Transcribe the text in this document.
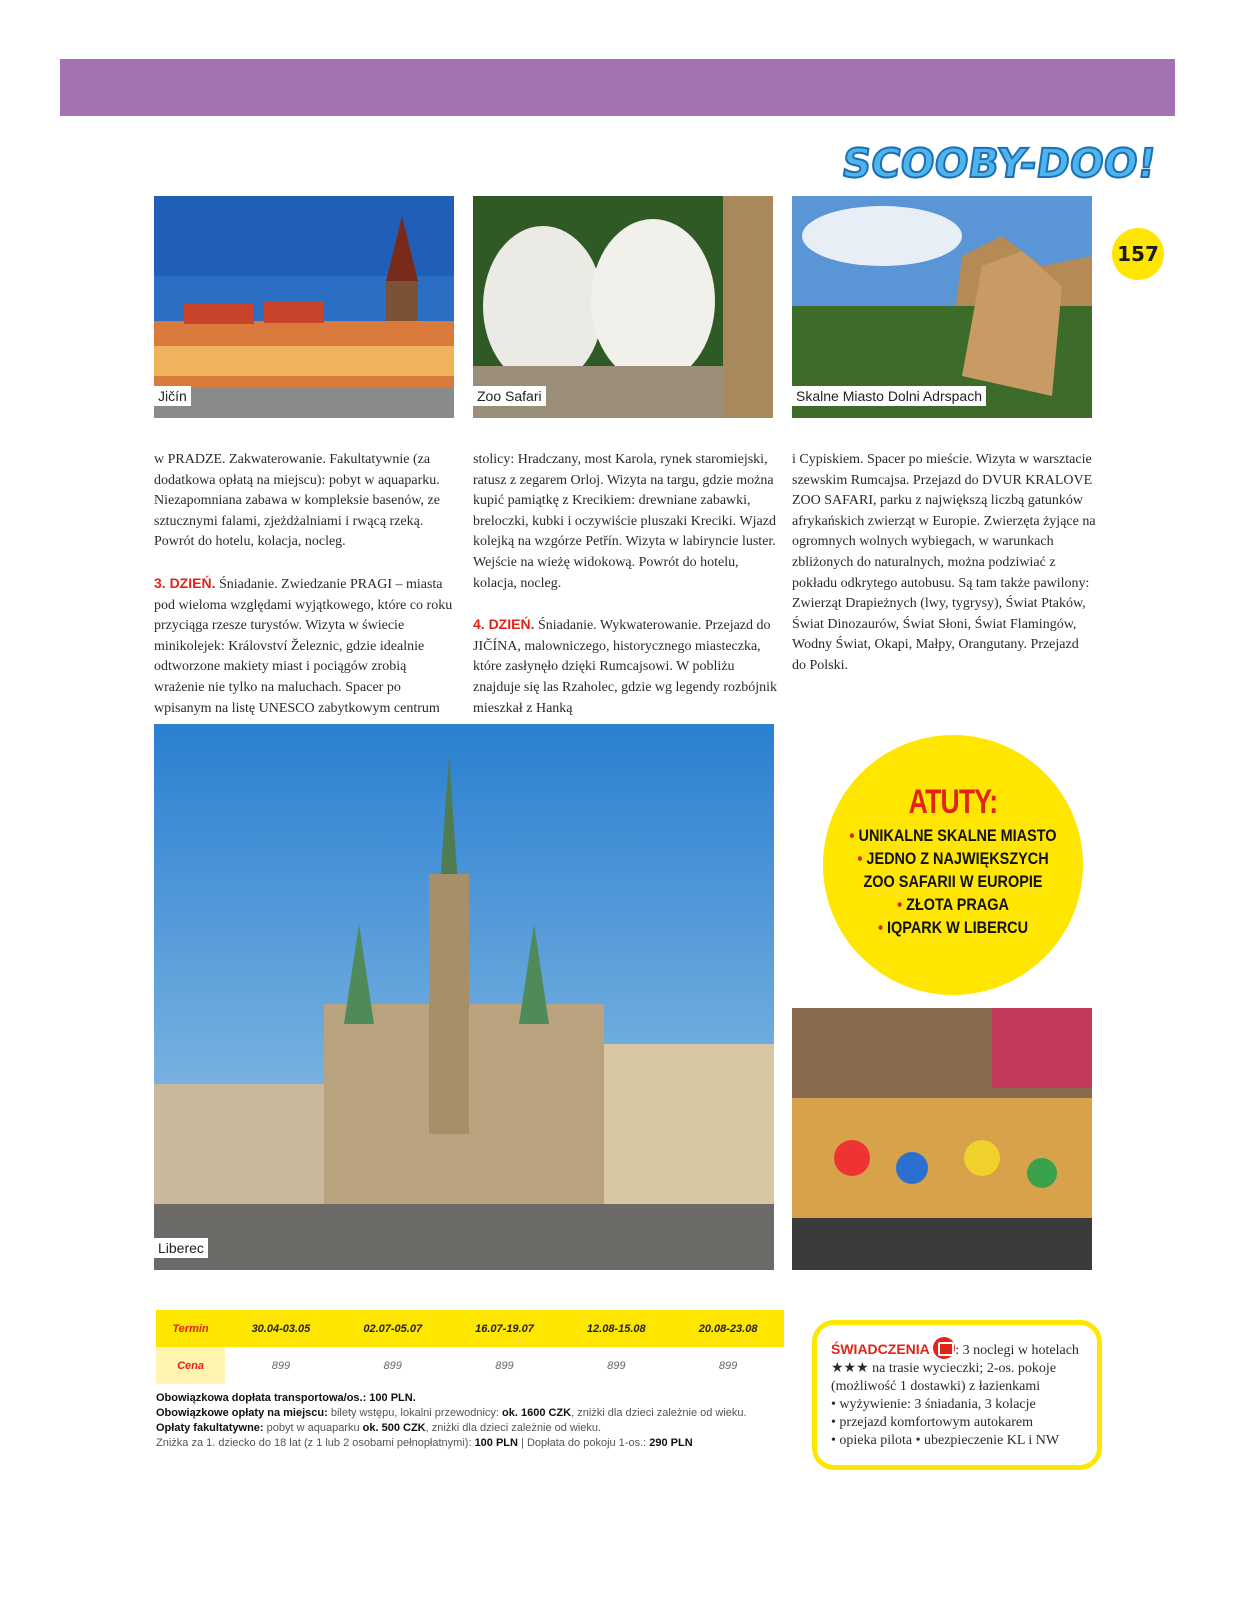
SCOOBY-DOO!
157
Jičín	Zoo Safari	Skalne Miasto Dolni Adrspach

w PRADZE. Zakwaterowanie. Fakultatywnie (za dodatkowa opłatą na miejscu): pobyt w aquaparku. Niezapomniana zabawa w kompleksie basenów, ze sztucznymi falami, zjeżdżalniami i rwącą rzeką. Powrót do hotelu, kolacja, nocleg.

3. DZIEŃ. Śniadanie. Zwiedzanie PRAGI – miasta pod wieloma względami wyjątkowego, które co roku przyciąga rzesze turystów. Wizyta w świecie minikolejek: Království Železnic, gdzie idealnie odtworzone makiety miast i pociągów zrobią wrażenie nie tylko na maluchach. Spacer po wpisanym na listę UNESCO zabytkowym centrum

stolicy: Hradczany, most Karola, rynek staromiejski, ratusz z zegarem Orloj. Wizyta na targu, gdzie można kupić pamiątkę z Krecikiem: drewniane zabawki, breloczki, kubki i oczywiście pluszaki Kreciki. Wjazd kolejką na wzgórze Petřín. Wizyta w labiryncie luster. Wejście na wieżę widokową. Powrót do hotelu, kolacja, nocleg.

4. DZIEŃ. Śniadanie. Wykwaterowanie. Przejazd do JIČÍNA, malowniczego, historycznego miasteczka, które zasłynęło dzięki Rumcajsowi. W pobliżu znajduje się las Rzaholec, gdzie wg legendy rozbójnik mieszkał z Hanką

i Cypiskiem. Spacer po mieście. Wizyta w warsztacie szewskim Rumcajsa. Przejazd do DVUR KRALOVE ZOO SAFARI, parku z największą liczbą gatunków afrykańskich zwierząt w Europie. Zwierzęta żyjące na ogromnych wolnych wybiegach, w warunkach zbliżonych do naturalnych, można podziwiać z pokładu odkrytego autobusu. Są tam także pawilony: Zwierząt Drapieżnych (lwy, tygrysy), Świat Ptaków, Świat Dinozaurów, Świat Słoni, Świat Flamingów, Wodny Świat, Okapi, Małpy, Orangutany. Przejazd do Polski.

Liberec
ATUTY:
• UNIKALNE SKALNE MIASTO
• JEDNO Z NAJWIĘKSZYCH ZOO SAFARII W EUROPIE
• ZŁOTA PRAGA
• IQPARK W LIBERCU
Termin	30.04-03.05	02.07-05.07	16.07-19.07	12.08-15.08	20.08-23.08
Cena	899	899	899	899	899
Obowiązkowa dopłata transportowa/os.: 100 PLN.
Obowiązkowe opłaty na miejscu: bilety wstępu, lokalni przewodnicy: ok. 1600 CZK, zniżki dla dzieci zależnie od wieku.
Opłaty fakultatywne: pobyt w aquaparku ok. 500 CZK, zniżki dla dzieci zależnie od wieku.
Zniżka za 1. dziecko do 18 lat (z 1 lub 2 osobami pełnopłatnymi): 100 PLN | Dopłata do pokoju 1-os.: 290 PLN
ŚWIADCZENIA : 3 noclegi w hotelach
★★★ na trasie wycieczki; 2-os. pokoje (możliwość 1 dostawki) z łazienkami
• wyżywienie: 3 śniadania, 3 kolacje
• przejazd komfortowym autokarem
• opieka pilota • ubezpieczenie KL i NW
